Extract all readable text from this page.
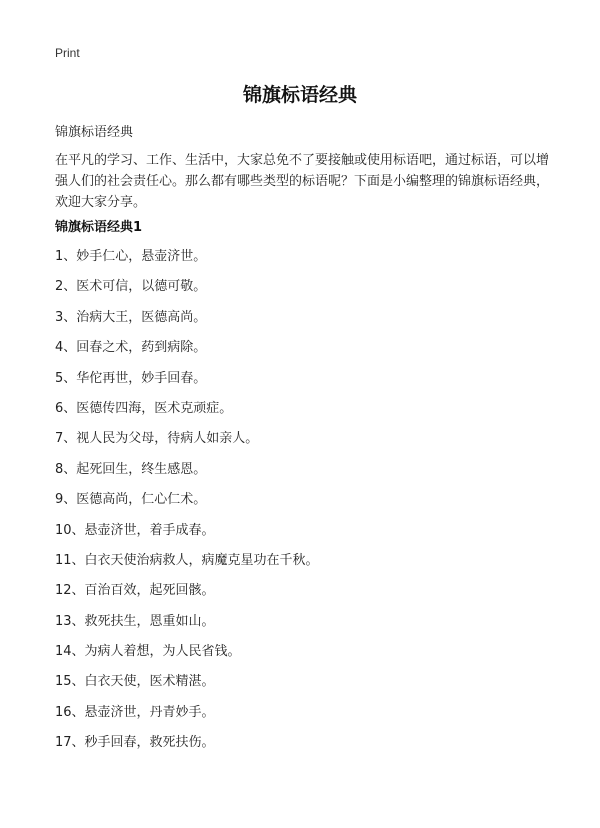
Print
锦旗标语经典
锦旗标语经典

在平凡的学习、工作、生活中，大家总免不了要接触或使用标语吧，通过标语，可以增强人们的社会责任心。那么都有哪些类型的标语呢？下面是小编整理的锦旗标语经典，欢迎大家分享。

锦旗标语经典1
1、妙手仁心，悬壶济世。
2、医术可信，以德可敬。
3、治病大王，医德高尚。
4、回春之术，药到病除。
5、华佗再世，妙手回春。
6、医德传四海，医术克顽症。
7、视人民为父母，待病人如亲人。
8、起死回生，终生感恩。
9、医德高尚，仁心仁术。
10、悬壶济世，着手成春。
11、白衣天使治病救人，病魔克星功在千秋。
12、百治百效，起死回骸。
13、救死扶生，恩重如山。
14、为病人着想，为人民省钱。
15、白衣天使，医术精湛。
16、悬壶济世，丹青妙手。
17、秒手回春，救死扶伤。
